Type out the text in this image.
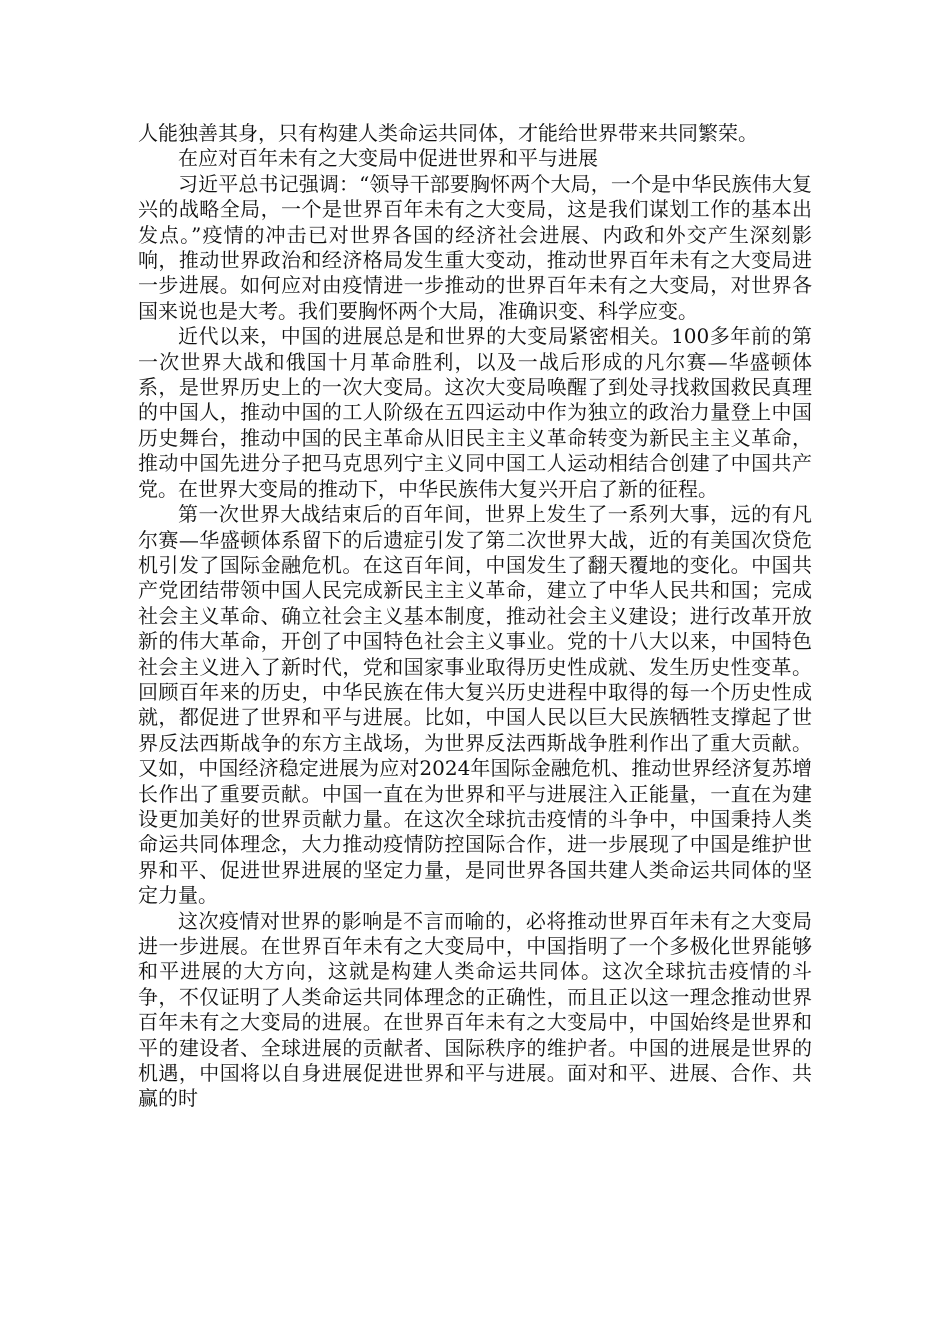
人能独善其身，只有构建人类命运共同体，才能给世界带来共同繁荣。

在应对百年未有之大变局中促进世界和平与进展

习近平总书记强调：“领导干部要胸怀两个大局，一个是中华民族伟大复兴的战略全局，一个是世界百年未有之大变局，这是我们谋划工作的基本出发点。”疫情的冲击已对世界各国的经济社会进展、内政和外交产生深刻影响，推动世界政治和经济格局发生重大变动，推动世界百年未有之大变局进一步进展。如何应对由疫情进一步推动的世界百年未有之大变局，对世界各国来说也是大考。我们要胸怀两个大局，准确识变、科学应变。

近代以来，中国的进展总是和世界的大变局紧密相关。100多年前的第一次世界大战和俄国十月革命胜利，以及一战后形成的凡尔赛—华盛顿体系，是世界历史上的一次大变局。这次大变局唤醒了到处寻找救国救民真理的中国人，推动中国的工人阶级在五四运动中作为独立的政治力量登上中国历史舞台，推动中国的民主革命从旧民主主义革命转变为新民主主义革命，推动中国先进分子把马克思列宁主义同中国工人运动相结合创建了中国共产党。在世界大变局的推动下，中华民族伟大复兴开启了新的征程。

第一次世界大战结束后的百年间，世界上发生了一系列大事，远的有凡尔赛—华盛顿体系留下的后遗症引发了第二次世界大战，近的有美国次贷危机引发了国际金融危机。在这百年间，中国发生了翻天覆地的变化。中国共产党团结带领中国人民完成新民主主义革命，建立了中华人民共和国；完成社会主义革命、确立社会主义基本制度，推动社会主义建设；进行改革开放新的伟大革命，开创了中国特色社会主义事业。党的十八大以来，中国特色社会主义进入了新时代，党和国家事业取得历史性成就、发生历史性变革。回顾百年来的历史，中华民族在伟大复兴历史进程中取得的每一个历史性成就，都促进了世界和平与进展。比如，中国人民以巨大民族牺牲支撑起了世界反法西斯战争的东方主战场，为世界反法西斯战争胜利作出了重大贡献。又如，中国经济稳定进展为应对2024年国际金融危机、推动世界经济复苏增长作出了重要贡献。中国一直在为世界和平与进展注入正能量，一直在为建设更加美好的世界贡献力量。在这次全球抗击疫情的斗争中，中国秉持人类命运共同体理念，大力推动疫情防控国际合作，进一步展现了中国是维护世界和平、促进世界进展的坚定力量，是同世界各国共建人类命运共同体的坚定力量。

这次疫情对世界的影响是不言而喻的，必将推动世界百年未有之大变局进一步进展。在世界百年未有之大变局中，中国指明了一个多极化世界能够和平进展的大方向，这就是构建人类命运共同体。这次全球抗击疫情的斗争，不仅证明了人类命运共同体理念的正确性，而且正以这一理念推动世界百年未有之大变局的进展。在世界百年未有之大变局中，中国始终是世界和平的建设者、全球进展的贡献者、国际秩序的维护者。中国的进展是世界的机遇，中国将以自身进展促进世界和平与进展。面对和平、进展、合作、共赢的时
